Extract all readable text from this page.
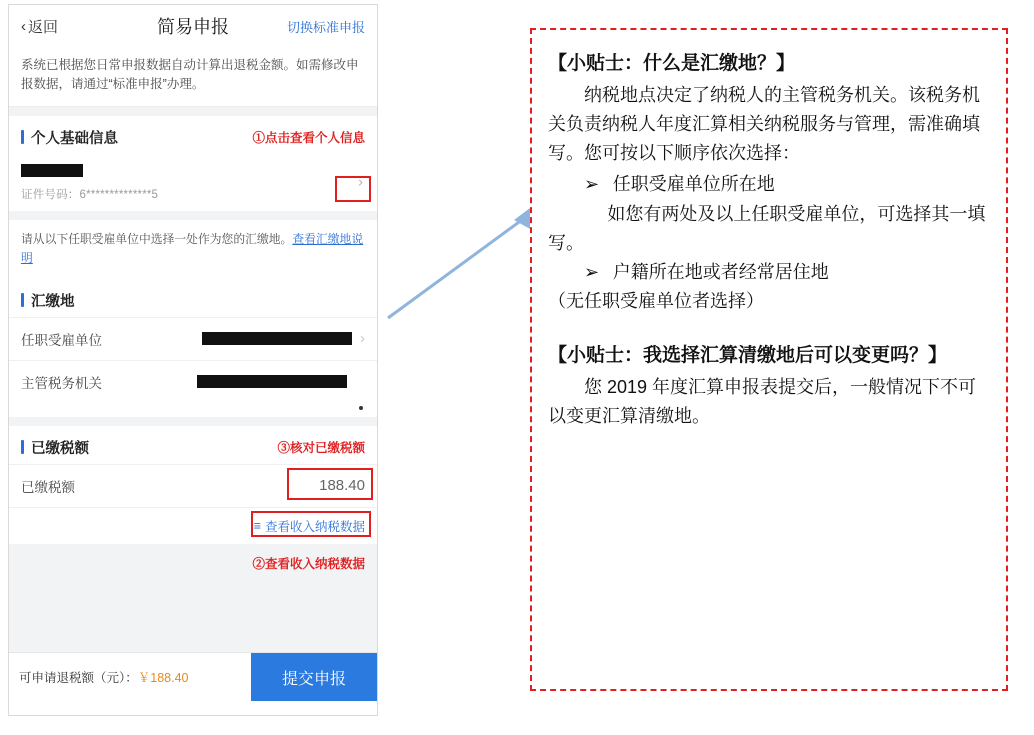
‹ 返回	简易申报	切换标准申报
系统已根据您日常申报数据自动计算出退税金额。如需修改申报数据，请通过“标准申报”办理。
个人基础信息	①点击查看个人信息
证件号码：6**************5
›
请从以下任职受雇单位中选择一处作为您的汇缴地。查看汇缴地说明
汇缴地
任职受雇单位	›
主管税务机关
已缴税额	③核对已缴税额
已缴税额	188.40
≡ 查看收入纳税数据
②查看收入纳税数据
可申请退税额（元）：￥188.40	提交申报
【小贴士：什么是汇缴地？】

纳税地点决定了纳税人的主管税务机关。该税务机关负责纳税人年度汇算相关纳税服务与管理，需准确填写。您可按以下顺序依次选择：

➢ 任职受雇单位所在地

如您有两处及以上任职受雇单位，可选择其一填写。

➢ 户籍所在地或者经常居住地

（无任职受雇单位者选择）

【小贴士：我选择汇算清缴地后可以变更吗？】

您 2019 年度汇算申报表提交后，一般情况下不可以变更汇算清缴地。
